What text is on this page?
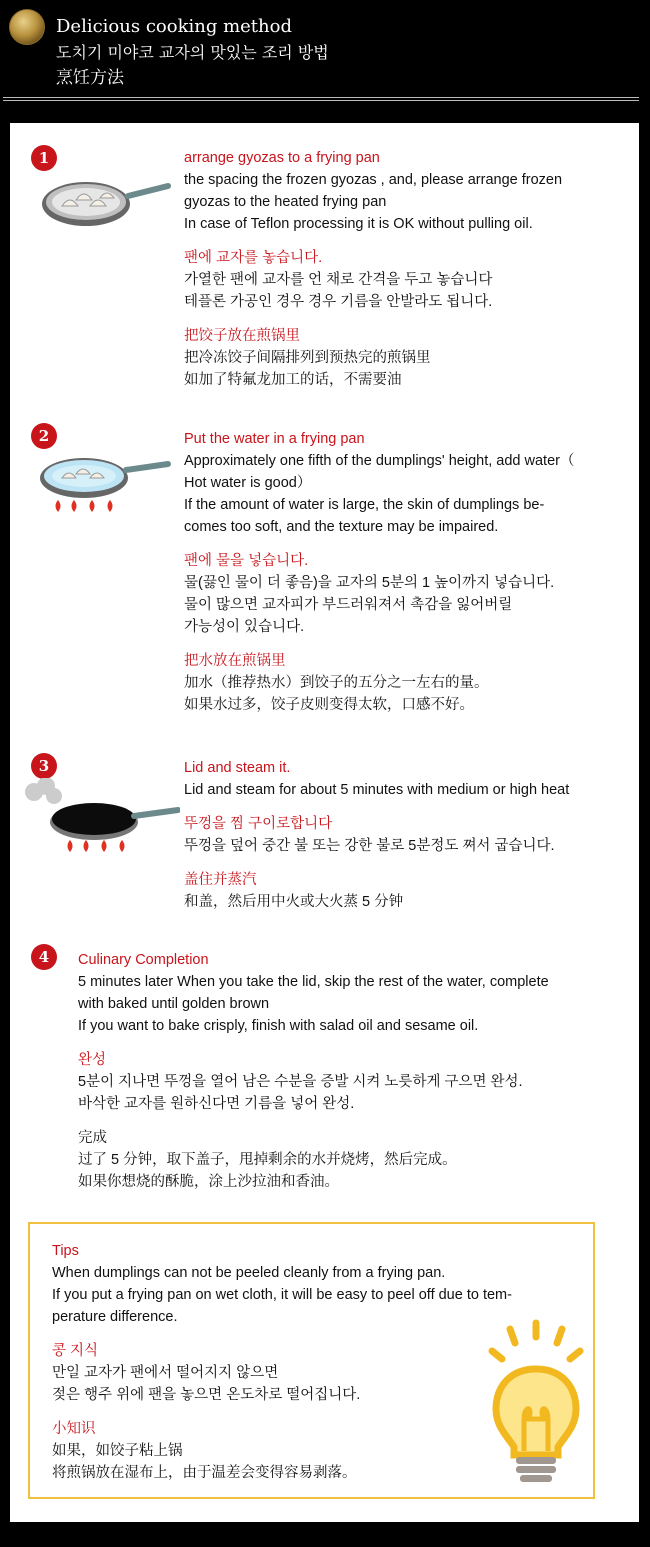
Delicious cooking method
도치기 미야코 교자의 맛있는 조리 방법
烹饪方法
1	arrange gyozas to a frying pan
the spacing the frozen gyozas , and, please arrange frozen
gyozas to the heated frying pan
In case of Teflon processing it is OK without pulling oil.
팬에 교자를 놓습니다.
가열한 팬에 교자를 언 채로 간격을 두고 놓습니다
테플론 가공인 경우 경우 기름을 안발라도 됩니다.
把饺子放在煎锅里
把冷冻饺子间隔排列到预热完的煎锅里
如加了特氟龙加工的话，不需要油
2	Put the water in a frying pan
Approximately one fifth of the dumplings' height, add water（
Hot water is good）
If the amount of water is large, the skin of dumplings be-
comes too soft, and the texture may be impaired.
팬에 물을 넣습니다.
물(끓인 물이 더 좋음)을 교자의 5분의 1 높이까지 넣습니다.
물이 많으면 교자피가 부드러워져서 촉감을 잃어버릴
가능성이 있습니다.
把水放在煎锅里
加水（推荐热水）到饺子的五分之一左右的量。
如果水过多，饺子皮则变得太软，口感不好。
3	Lid and steam it.
Lid and steam for about 5 minutes with medium or high heat
뚜껑을 찜 구이로합니다
뚜껑을 덮어 중간 불 또는 강한 불로 5분정도 쪄서 굽습니다.
盖住并蒸汽
和盖，然后用中火或大火蒸 5 分钟
4	Culinary Completion
5 minutes later When you take the lid, skip the rest of the water, complete
with baked until golden brown
If you want to bake crisply, finish with salad oil and sesame oil.
완성
5분이 지나면 뚜껑을 열어 남은 수분을 증발 시켜 노릇하게 구으면 완성.
바삭한 교자를 원하신다면 기름을 넣어 완성.
完成
过了 5 分钟，取下盖子，甩掉剩余的水并烧烤，然后完成。
如果你想烧的酥脆，涂上沙拉油和香油。
Tips
When dumplings can not be peeled cleanly from a frying pan.
If you put a frying pan on wet cloth, it will be easy to peel off due to tem-
perature difference.
콩 지식
만일 교자가 팬에서 떨어지지 않으면
젖은 행주 위에 팬을 놓으면 온도차로 떨어집니다.
小知识
如果，如饺子粘上锅
将煎锅放在湿布上，由于温差会变得容易剥落。
